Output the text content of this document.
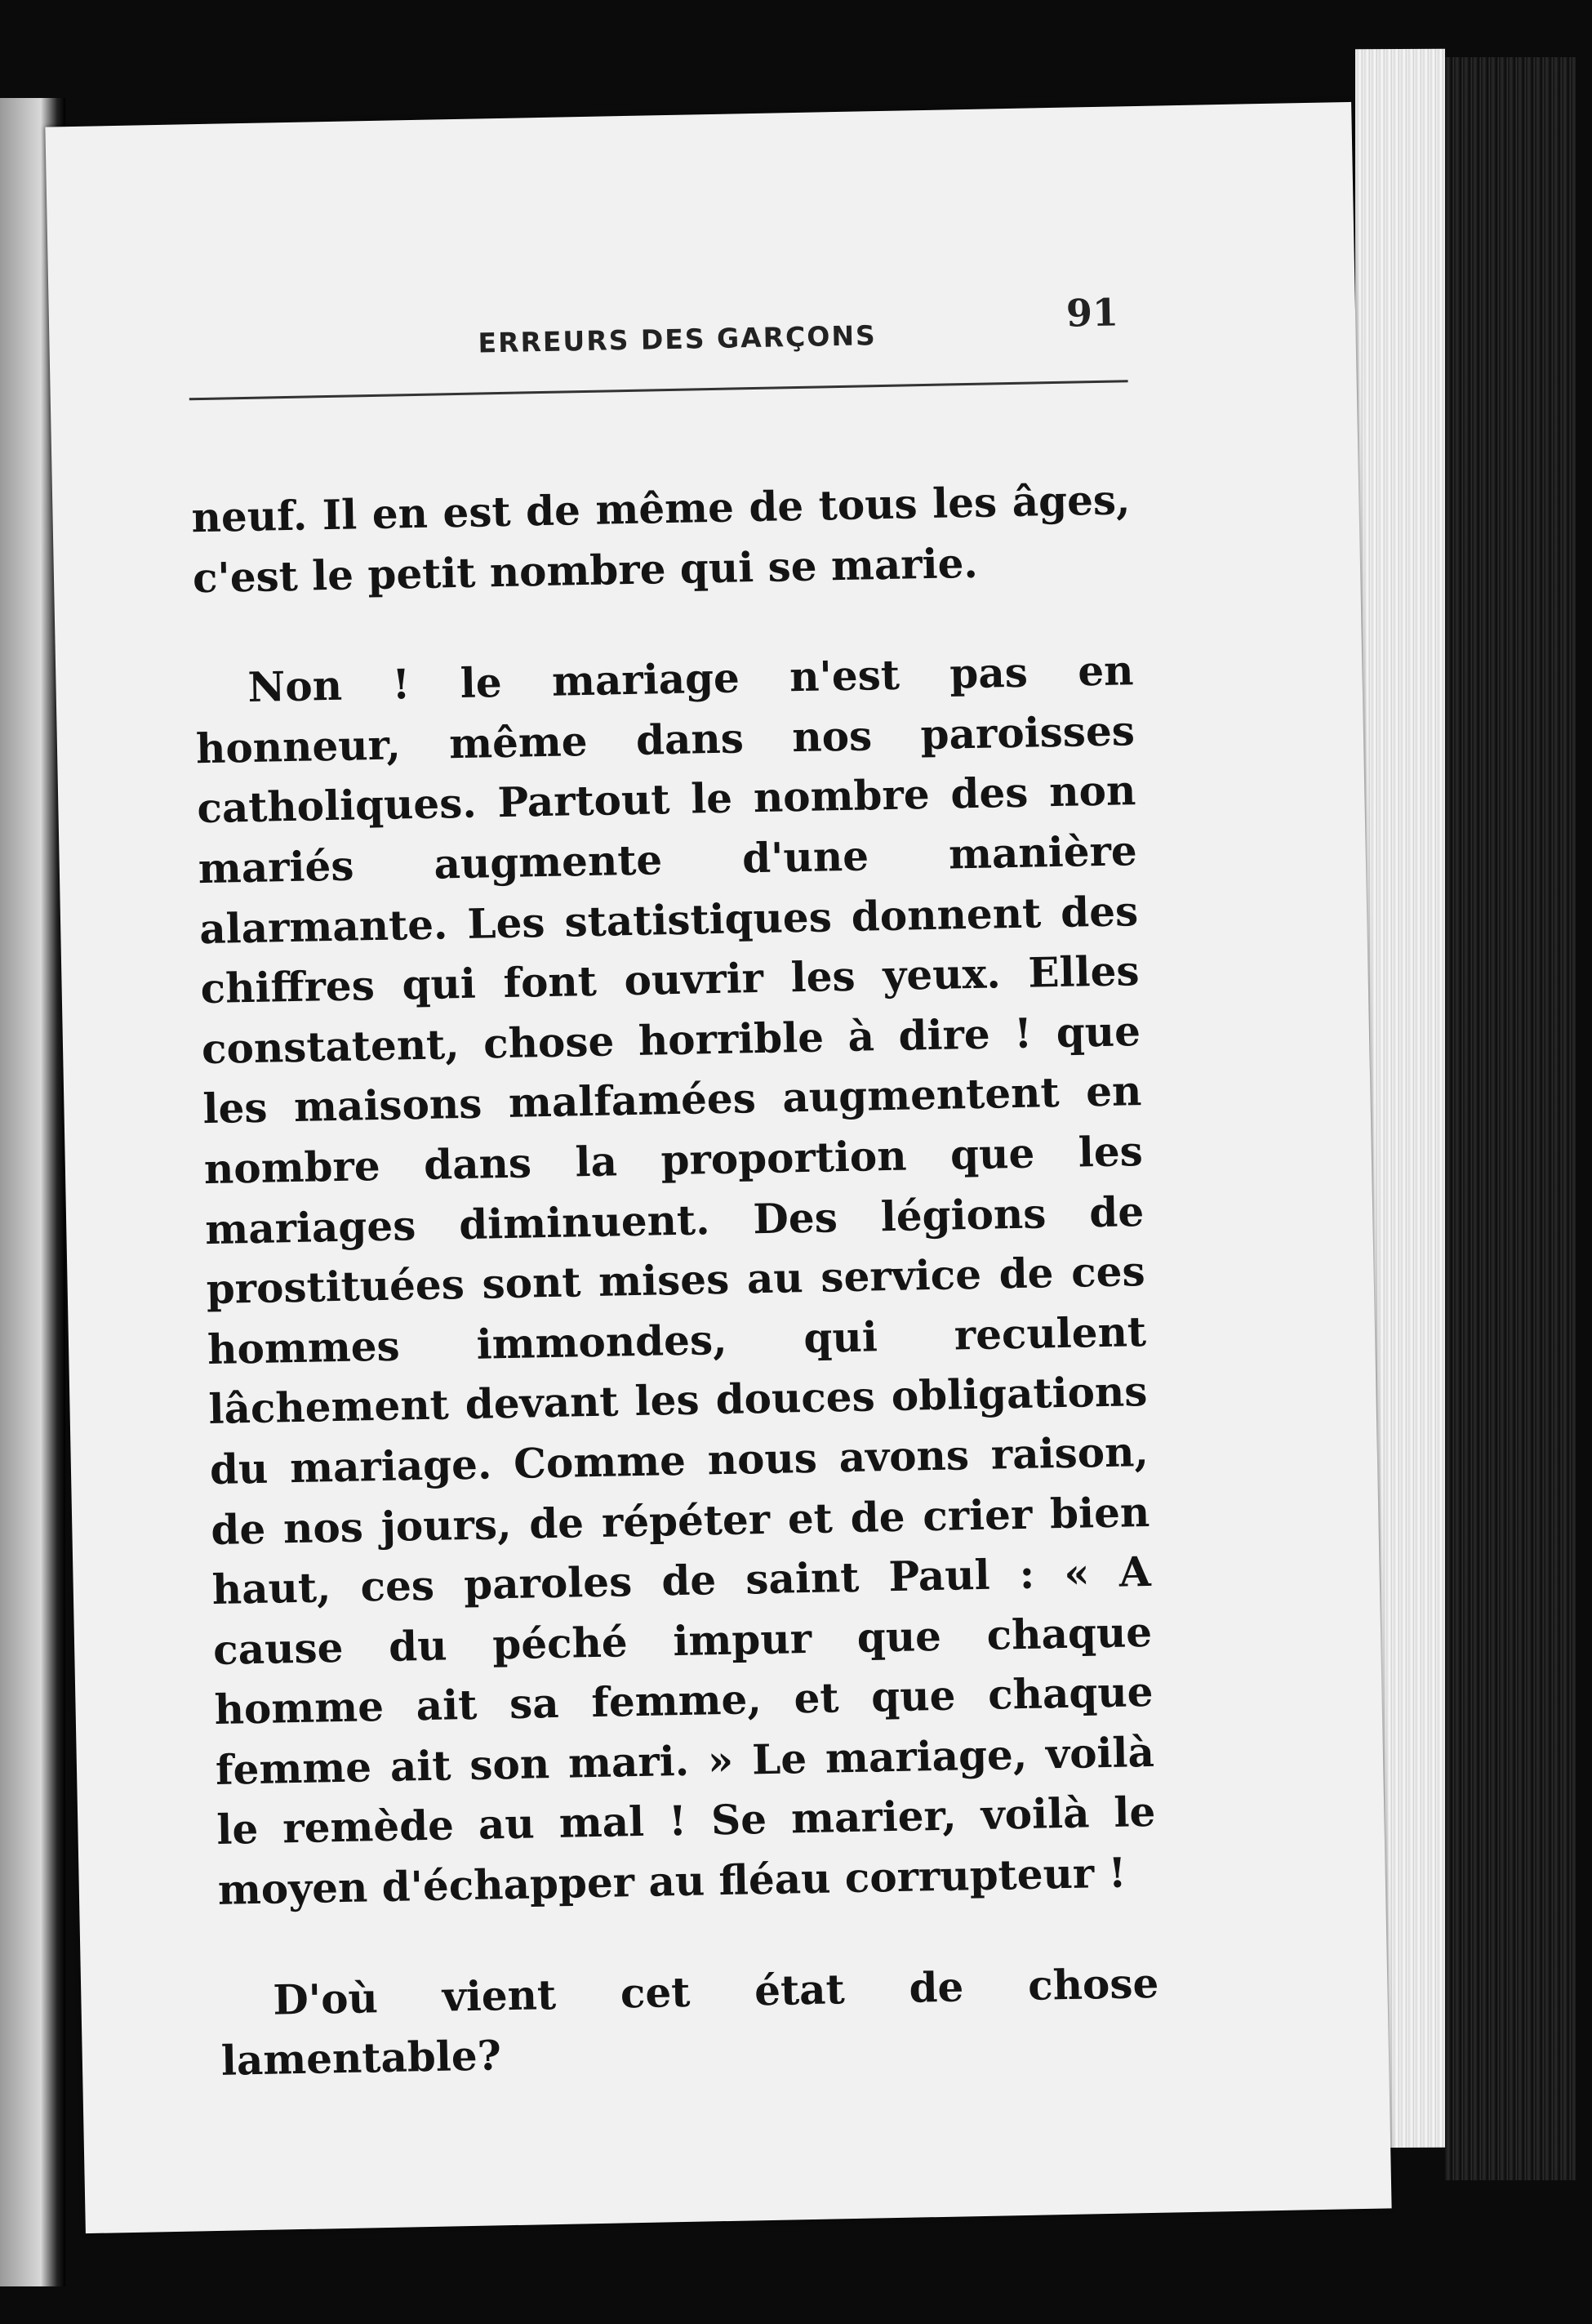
ERREURS DES GARÇONS
91

neuf. Il en est de même de tous les âges, c'est le petit nombre qui se marie.

Non ! le mariage n'est pas en honneur, même dans nos paroisses catholiques. Partout le nombre des non mariés augmente d'une manière alarmante. Les statistiques donnent des chiffres qui font ouvrir les yeux. Elles constatent, chose horrible à dire ! que les maisons malfamées augmentent en nombre dans la proportion que les mariages diminuent. Des légions de prostituées sont mises au service de ces hommes immondes, qui reculent lâchement devant les douces obligations du mariage. Comme nous avons raison, de nos jours, de répéter et de crier bien haut, ces paroles de saint Paul : « A cause du péché impur que chaque homme ait sa femme, et que chaque femme ait son mari. » Le mariage, voilà le remède au mal ! Se marier, voilà le moyen d'échapper au fléau corrupteur !

D'où vient cet état de chose lamentable?
